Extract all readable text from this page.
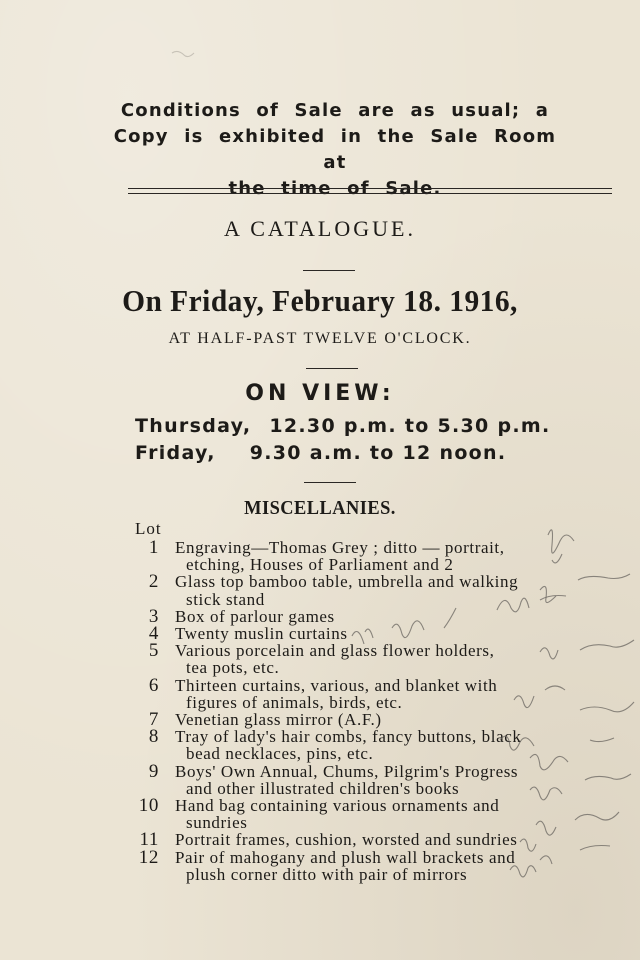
Conditions of Sale are as usual; a
Copy is exhibited in the Sale Room at
the time of Sale.
A CATALOGUE.
On Friday, February 18. 1916,
AT HALF-PAST TWELVE O'CLOCK.
ON VIEW:
Thursday, 12.30 p.m. to 5.30 p.m.
Friday, 9.30 a.m. to 12 noon.
MISCELLANIES.
Lot
1 Engraving—Thomas Grey ; ditto — portrait,
etching, Houses of Parliament and 2
2 Glass top bamboo table, umbrella and walking
stick stand
3 Box of parlour games
4 Twenty muslin curtains
5 Various porcelain and glass flower holders,
tea pots, etc.
6 Thirteen curtains, various, and blanket with
figures of animals, birds, etc.
7 Venetian glass mirror (A.F.)
8 Tray of lady's hair combs, fancy buttons, black
bead necklaces, pins, etc.
9 Boys' Own Annual, Chums, Pilgrim's Progress
and other illustrated children's books
10 Hand bag containing various ornaments and
sundries
11 Portrait frames, cushion, worsted and sundries
12 Pair of mahogany and plush wall brackets and
plush corner ditto with pair of mirrors
